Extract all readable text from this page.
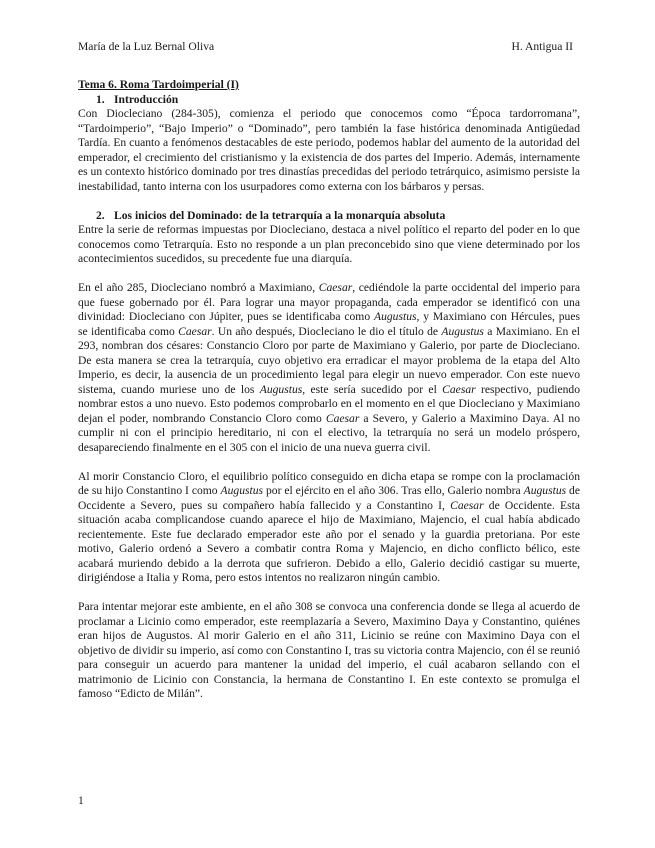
María de la Luz Bernal Oliva	H. Antigua II
Tema 6. Roma Tardoimperial (I)
1. Introducción

Con Diocleciano (284-305), comienza el periodo que conocemos como “Época tardorromana”, “Tardoimperio”, “Bajo Imperio” o “Dominado”, pero también la fase histórica denominada Antigüedad Tardía. En cuanto a fenómenos destacables de este periodo, podemos hablar del aumento de la autoridad del emperador, el crecimiento del cristianismo y la existencia de dos partes del Imperio. Además, internamente es un contexto histórico dominado por tres dinastías precedidas del periodo tetrárquico, asimismo persiste la inestabilidad, tanto interna con los usurpadores como externa con los bárbaros y persas.

2. Los inicios del Dominado: de la tetrarquía a la monarquía absoluta

Entre la serie de reformas impuestas por Diocleciano, destaca a nivel político el reparto del poder en lo que conocemos como Tetrarquía. Esto no responde a un plan preconcebido sino que viene determinado por los acontecimientos sucedidos, su precedente fue una diarquía.

En el año 285, Diocleciano nombró a Maximiano, Caesar, cediéndole la parte occidental del imperio para que fuese gobernado por él. Para lograr una mayor propaganda, cada emperador se identificó con una divinidad: Diocleciano con Júpiter, pues se identificaba como Augustus, y Maximiano con Hércules, pues se identificaba como Caesar. Un año después, Diocleciano le dio el título de Augustus a Maximiano. En el 293, nombran dos césares: Constancio Cloro por parte de Maximiano y Galerio, por parte de Diocleciano. De esta manera se crea la tetrarquía, cuyo objetivo era erradicar el mayor problema de la etapa del Alto Imperio, es decir, la ausencia de un procedimiento legal para elegir un nuevo emperador. Con este nuevo sistema, cuando muriese uno de los Augustus, este sería sucedido por el Caesar respectivo, pudiendo nombrar estos a uno nuevo. Esto podemos comprobarlo en el momento en el que Diocleciano y Maximiano dejan el poder, nombrando Constancio Cloro como Caesar a Severo, y Galerio a Maximino Daya. Al no cumplir ni con el principio hereditario, ni con el electivo, la tetrarquía no será un modelo próspero, desapareciendo finalmente en el 305 con el inicio de una nueva guerra civil.

Al morir Constancio Cloro, el equilibrio político conseguido en dicha etapa se rompe con la proclamación de su hijo Constantino I como Augustus por el ejército en el año 306. Tras ello, Galerio nombra Augustus de Occidente a Severo, pues su compañero había fallecido y a Constantino I, Caesar de Occidente. Esta situación acaba complicandose cuando aparece el hijo de Maximiano, Majencio, el cual había abdicado recientemente. Este fue declarado emperador este año por el senado y la guardia pretoriana. Por este motivo, Galerio ordenó a Severo a combatir contra Roma y Majencio, en dicho conflicto bélico, este acabará muriendo debido a la derrota que sufrieron. Debido a ello, Galerio decidió castigar su muerte, dirigiéndose a Italia y Roma, pero estos intentos no realizaron ningún cambio.

Para intentar mejorar este ambiente, en el año 308 se convoca una conferencia donde se llega al acuerdo de proclamar a Licinio como emperador, este reemplazaría a Severo, Maximino Daya y Constantino, quiénes eran hijos de Augustos. Al morir Galerio en el año 311, Licinio se reúne con Maximino Daya con el objetivo de dividir su imperio, así como con Constantino I, tras su victoria contra Majencio, con él se reunió para conseguir un acuerdo para mantener la unidad del imperio, el cuál acabaron sellando con el matrimonio de Licinio con Constancia, la hermana de Constantino I. En este contexto se promulga el famoso “Edicto de Milán”.

1
